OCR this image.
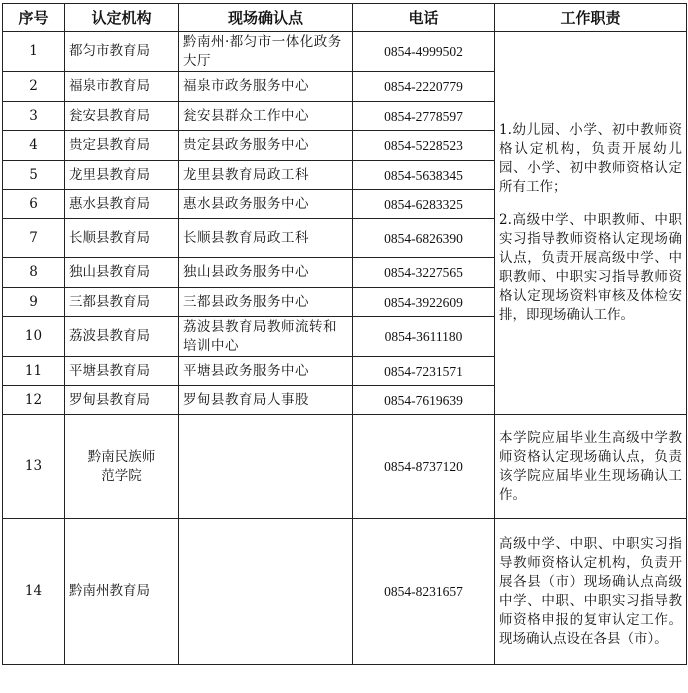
序号	认定机构	现场确认点	电话	工作职责
1	都匀市教育局	黔南州·都匀市一体化政务大厅	0854-4999502	1.幼儿园、小学、初中教师资格认定机构，负责开展幼儿园、小学、初中教师资格认定所有工作；

2.高级中学、中职教师、中职实习指导教师资格认定现场确认点，负责开展高级中学、中职教师、中职实习指导教师资格认定现场资料审核及体检安排，即现场确认工作。

2	福泉市教育局	福泉市政务服务中心	0854-2220779	
3	瓮安县教育局	瓮安县群众工作中心	0854-2778597	
4	贵定县教育局	贵定县政务服务中心	0854-5228523	
5	龙里县教育局	龙里县教育局政工科	0854-5638345	
6	惠水县教育局	惠水县政务服务中心	0854-6283325	
7	长顺县教育局	长顺县教育局政工科	0854-6826390	
8	独山县教育局	独山县政务服务中心	0854-3227565	
9	三都县教育局	三都县政务服务中心	0854-3922609	
10	荔波县教育局	荔波县教育局教师流转和培训中心	0854-3611180	
11	平塘县教育局	平塘县政务服务中心	0854-7231571	
12	罗甸县教育局	罗甸县教育局人事股	0854-7619639	
13	黔南民族师范学院		0854-8737120	本学院应届毕业生高级中学教师资格认定现场确认点，负责该学院应届毕业生现场确认工作。
14	黔南州教育局		0854-8231657	高级中学、中职、中职实习指导教师资格认定机构，负责开展各县（市）现场确认点高级中学、中职、中职实习指导教师资格申报的复审认定工作。现场确认点设在各县（市）。
